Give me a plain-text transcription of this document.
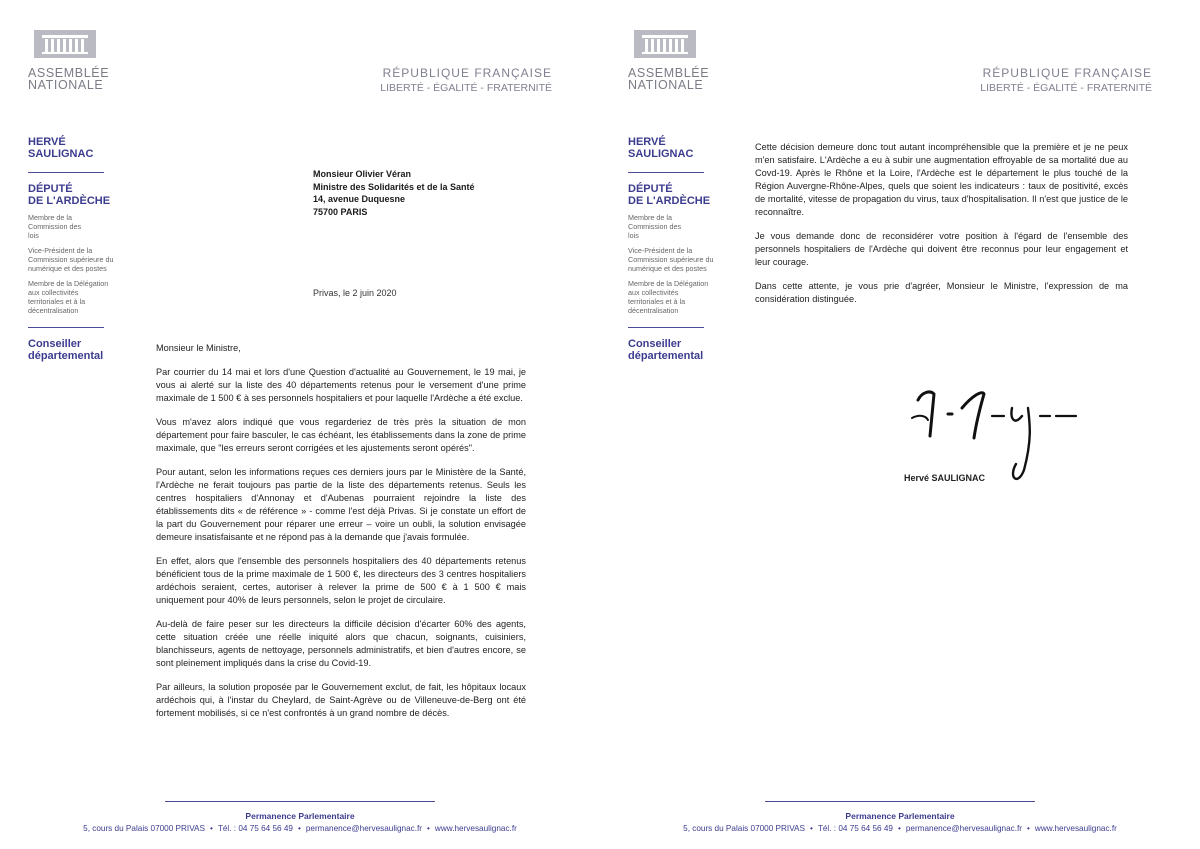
ASSEMBLÉE
NATIONALE
RÉPUBLIQUE FRANÇAISE
LIBERTÉ - ÉGALITÉ - FRATERNITÉ
HERVÉ
SAULIGNAC
DÉPUTÉ
DE L'ARDÈCHE
Membre de la Commission des lois
Vice-Président de la Commission supérieure du numérique et des postes
Membre de la Délégation aux collectivités territoriales et à la décentralisation
Conseiller
départemental
Monsieur Olivier Véran
Ministre des Solidarités et de la Santé
14, avenue Duquesne
75700 PARIS
Privas, le 2 juin 2020

Monsieur le Ministre,

Par courrier du 14 mai et lors d'une Question d'actualité au Gouvernement, le 19 mai, je vous ai alerté sur la liste des 40 départements retenus pour le versement d'une prime maximale de 1 500 € à ses personnels hospitaliers et pour laquelle l'Ardèche a été exclue.

Vous m'avez alors indiqué que vous regarderiez de très près la situation de mon département pour faire basculer, le cas échéant, les établissements dans la zone de prime maximale, que "les erreurs seront corrigées et les ajustements seront opérés".

Pour autant, selon les informations reçues ces derniers jours par le Ministère de la Santé, l'Ardèche ne ferait toujours pas partie de la liste des départements retenus. Seuls les centres hospitaliers d'Annonay et d'Aubenas pourraient rejoindre la liste des établissements dits « de référence » - comme l'est déjà Privas. Si je constate un effort de la part du Gouvernement pour réparer une erreur – voire un oubli, la solution envisagée demeure insatisfaisante et ne répond pas à la demande que j'avais formulée.

En effet, alors que l'ensemble des personnels hospitaliers des 40 départements retenus bénéficient tous de la prime maximale de 1 500 €, les directeurs des 3 centres hospitaliers ardéchois seraient, certes, autoriser à relever la prime de 500 € à 1 500 € mais uniquement pour 40% de leurs personnels, selon le projet de circulaire.

Au-delà de faire peser sur les directeurs la difficile décision d'écarter 60% des agents, cette situation créée une réelle iniquité alors que chacun, soignants, cuisiniers, blanchisseurs, agents de nettoyage, personnels administratifs, et bien d'autres encore, se sont pleinement impliqués dans la crise du Covid-19.

Par ailleurs, la solution proposée par le Gouvernement exclut, de fait, les hôpitaux locaux ardéchois qui, à l'instar du Cheylard, de Saint-Agrève ou de Villeneuve-de-Berg ont été fortement mobilisés, si ce n'est confrontés à un grand nombre de décès.

Permanence Parlementaire
5, cours du Palais 07000 PRIVAS • Tél. : 04 75 64 56 49 • permanence@hervesaulignac.fr • www.hervesaulignac.fr
ASSEMBLÉE
NATIONALE
RÉPUBLIQUE FRANÇAISE
LIBERTÉ - ÉGALITÉ - FRATERNITÉ
HERVÉ
SAULIGNAC
DÉPUTÉ
DE L'ARDÈCHE
Membre de la Commission des lois
Vice-Président de la Commission supérieure du numérique et des postes
Membre de la Délégation aux collectivités territoriales et à la décentralisation
Conseiller
départemental

Cette décision demeure donc tout autant incompréhensible que la première et je ne peux m'en satisfaire. L'Ardèche a eu à subir une augmentation effroyable de sa mortalité due au Covd-19. Après le Rhône et la Loire, l'Ardèche est le département le plus touché de la Région Auvergne-Rhône-Alpes, quels que soient les indicateurs : taux de positivité, excès de mortalité, vitesse de propagation du virus, taux d'hospitalisation. Il n'est que justice de le reconnaître.

Je vous demande donc de reconsidérer votre position à l'égard de l'ensemble des personnels hospitaliers de l'Ardèche qui doivent être reconnus pour leur engagement et leur courage.

Dans cette attente, je vous prie d'agréer, Monsieur le Ministre, l'expression de ma considération distinguée.

Hervé SAULIGNAC
Permanence Parlementaire
5, cours du Palais 07000 PRIVAS • Tél. : 04 75 64 56 49 • permanence@hervesaulignac.fr • www.hervesaulignac.fr
